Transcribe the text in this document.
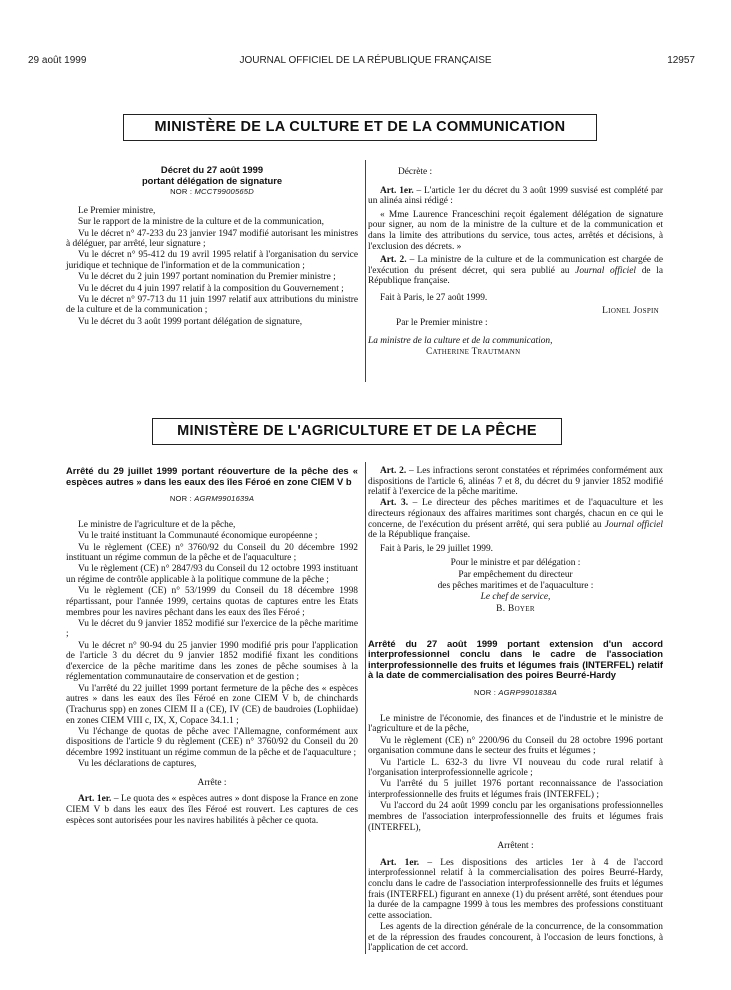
29 août 1999	JOURNAL OFFICIEL DE LA RÉPUBLIQUE FRANÇAISE	12957
MINISTÈRE DE LA CULTURE ET DE LA COMMUNICATION
Décret du 27 août 1999
portant délégation de signature
NOR : MCCT9900565D

Le Premier ministre,

Sur le rapport de la ministre de la culture et de la communication,

Vu le décret n° 47-233 du 23 janvier 1947 modifié autorisant les ministres à déléguer, par arrêté, leur signature ;

Vu le décret n° 95-412 du 19 avril 1995 relatif à l'organisation du service juridique et technique de l'information et de la communication ;

Vu le décret du 2 juin 1997 portant nomination du Premier ministre ;

Vu le décret du 4 juin 1997 relatif à la composition du Gouvernement ;

Vu le décret n° 97-713 du 11 juin 1997 relatif aux attributions du ministre de la culture et de la communication ;

Vu le décret du 3 août 1999 portant délégation de signature,

Décrète :

Art. 1er. – L'article 1er du décret du 3 août 1999 susvisé est complété par un alinéa ainsi rédigé :

« Mme Laurence Franceschini reçoit également délégation de signature pour signer, au nom de la ministre de la culture et de la communication et dans la limite des attributions du service, tous actes, arrêtés et décisions, à l'exclusion des décrets. »

Art. 2. – La ministre de la culture et de la communication est chargée de l'exécution du présent décret, qui sera publié au Journal officiel de la République française.

Fait à Paris, le 27 août 1999.

Lionel Jospin

Par le Premier ministre :

La ministre de la culture et de la communication,

Catherine Trautmann

MINISTÈRE DE L'AGRICULTURE ET DE LA PÊCHE
Arrêté du 29 juillet 1999 portant réouverture de la pêche des « espèces autres » dans les eaux des îles Féroé en zone CIEM V b
NOR : AGRM9901639A

Le ministre de l'agriculture et de la pêche,

Vu le traité instituant la Communauté économique européenne ;

Vu le règlement (CEE) n° 3760/92 du Conseil du 20 décembre 1992 instituant un régime commun de la pêche et de l'aquaculture ;

Vu le règlement (CE) n° 2847/93 du Conseil du 12 octobre 1993 instituant un régime de contrôle applicable à la politique commune de la pêche ;

Vu le règlement (CE) n° 53/1999 du Conseil du 18 décembre 1998 répartissant, pour l'année 1999, certains quotas de captures entre les Etats membres pour les navires pêchant dans les eaux des îles Féroé ;

Vu le décret du 9 janvier 1852 modifié sur l'exercice de la pêche maritime ;

Vu le décret n° 90-94 du 25 janvier 1990 modifié pris pour l'application de l'article 3 du décret du 9 janvier 1852 modifié fixant les conditions d'exercice de la pêche maritime dans les zones de pêche soumises à la réglementation communautaire de conservation et de gestion ;

Vu l'arrêté du 22 juillet 1999 portant fermeture de la pêche des « espèces autres » dans les eaux des îles Féroé en zone CIEM V b, de chinchards (Trachurus spp) en zones CIEM II a (CE), IV (CE) de baudroies (Lophiidae) en zones CIEM VIII c, IX, X, Copace 34.1.1 ;

Vu l'échange de quotas de pêche avec l'Allemagne, conformément aux dispositions de l'article 9 du règlement (CEE) n° 3760/92 du Conseil du 20 décembre 1992 instituant un régime commun de la pêche et de l'aquaculture ;

Vu les déclarations de captures,

Arrête :

Art. 1er. – Le quota des « espèces autres » dont dispose la France en zone CIEM V b dans les eaux des îles Féroé est rouvert. Les captures de ces espèces sont autorisées pour les navires habilités à pêcher ce quota.

Art. 2. – Les infractions seront constatées et réprimées conformément aux dispositions de l'article 6, alinéas 7 et 8, du décret du 9 janvier 1852 modifié relatif à l'exercice de la pêche maritime.

Art. 3. – Le directeur des pêches maritimes et de l'aquaculture et les directeurs régionaux des affaires maritimes sont chargés, chacun en ce qui le concerne, de l'exécution du présent arrêté, qui sera publié au Journal officiel de la République française.

Fait à Paris, le 29 juillet 1999.

Pour le ministre et par délégation :

Par empêchement du directeur

des pêches maritimes et de l'aquaculture :

Le chef de service,

B. Boyer

Arrêté du 27 août 1999 portant extension d'un accord interprofessionnel conclu dans le cadre de l'association interprofessionnelle des fruits et légumes frais (INTERFEL) relatif à la date de commercialisation des poires Beurré-Hardy
NOR : AGRP9901838A

Le ministre de l'économie, des finances et de l'industrie et le ministre de l'agriculture et de la pêche,

Vu le règlement (CE) n° 2200/96 du Conseil du 28 octobre 1996 portant organisation commune dans le secteur des fruits et légumes ;

Vu l'article L. 632-3 du livre VI nouveau du code rural relatif à l'organisation interprofessionnelle agricole ;

Vu l'arrêté du 5 juillet 1976 portant reconnaissance de l'association interprofessionnelle des fruits et légumes frais (INTERFEL) ;

Vu l'accord du 24 août 1999 conclu par les organisations professionnelles membres de l'association interprofessionnelle des fruits et légumes frais (INTERFEL),

Arrêtent :

Art. 1er. – Les dispositions des articles 1er à 4 de l'accord interprofessionnel relatif à la commercialisation des poires Beurré-Hardy, conclu dans le cadre de l'association interprofessionnelle des fruits et légumes frais (INTERFEL) figurant en annexe (1) du présent arrêté, sont étendues pour la durée de la campagne 1999 à tous les membres des professions constituant cette association.

Les agents de la direction générale de la concurrence, de la consommation et de la répression des fraudes concourent, à l'occasion de leurs fonctions, à l'application de cet accord.
